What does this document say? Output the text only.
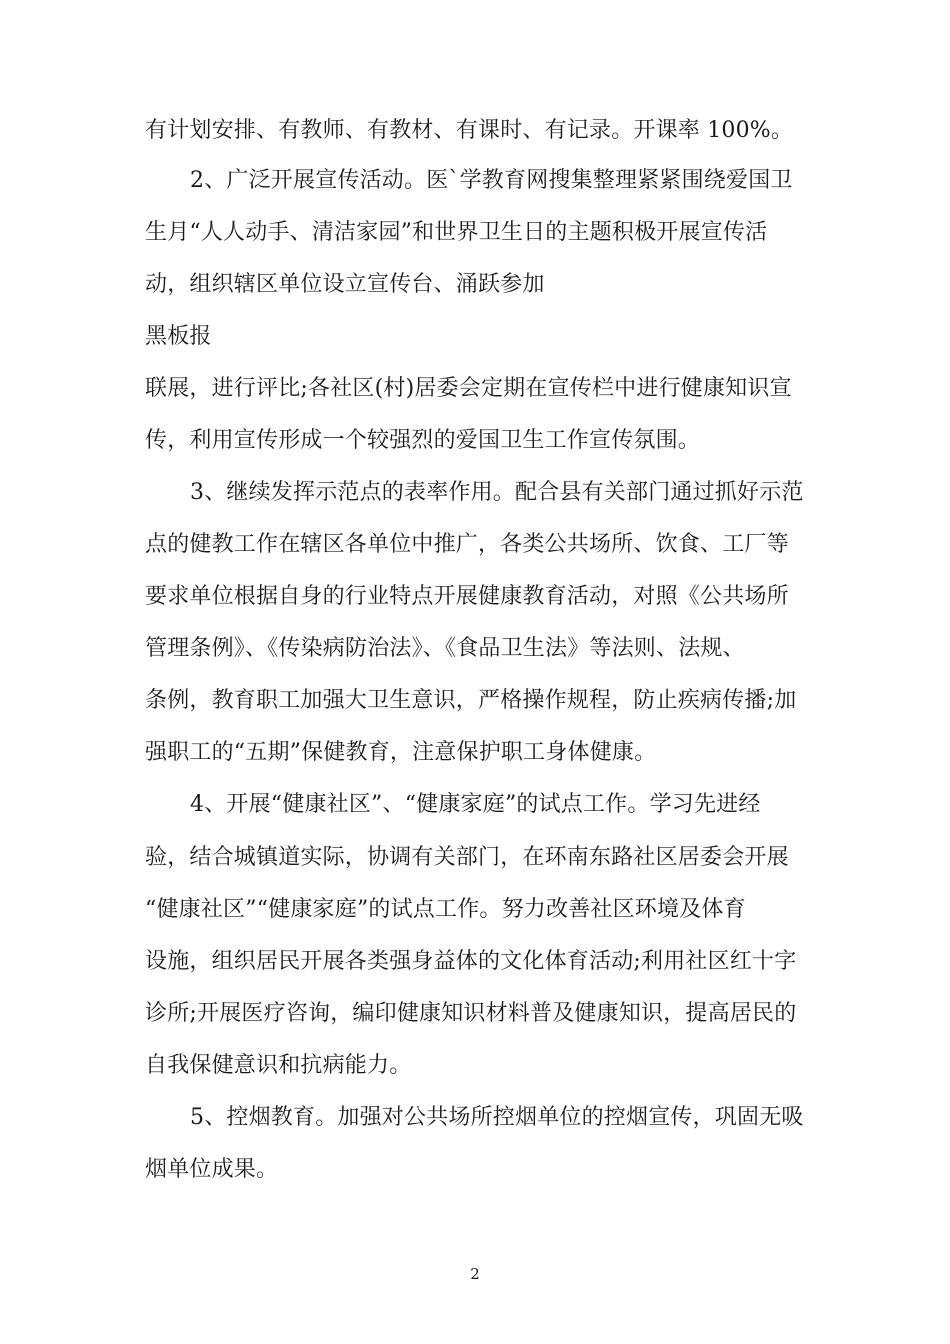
有计划安排、有教师、有教材、有课时、有记录。开课率 100%。
2、广泛开展宣传活动。医`学教育网搜集整理紧紧围绕爱国卫
生月“人人动手、清洁家园”和世界卫生日的主题积极开展宣传活
动，组织辖区单位设立宣传台、涌跃参加
黑板报
联展，进行评比;各社区(村)居委会定期在宣传栏中进行健康知识宣
传，利用宣传形成一个较强烈的爱国卫生工作宣传氛围。
3、继续发挥示范点的表率作用。配合县有关部门通过抓好示范
点的健教工作在辖区各单位中推广，各类公共场所、饮食、工厂等
要求单位根据自身的行业特点开展健康教育活动，对照《公共场所
管理条例》、《传染病防治法》、《食品卫生法》等法则、法规、
条例，教育职工加强大卫生意识，严格操作规程，防止疾病传播;加
强职工的“五期”保健教育，注意保护职工身体健康。
4、开展“健康社区”、“健康家庭”的试点工作。学习先进经
验，结合城镇道实际，协调有关部门，在环南东路社区居委会开展
“健康社区”“健康家庭”的试点工作。努力改善社区环境及体育
设施，组织居民开展各类强身益体的文化体育活动;利用社区红十字
诊所;开展医疗咨询，编印健康知识材料普及健康知识，提高居民的
自我保健意识和抗病能力。
5、控烟教育。加强对公共场所控烟单位的控烟宣传，巩固无吸
烟单位成果。
2
